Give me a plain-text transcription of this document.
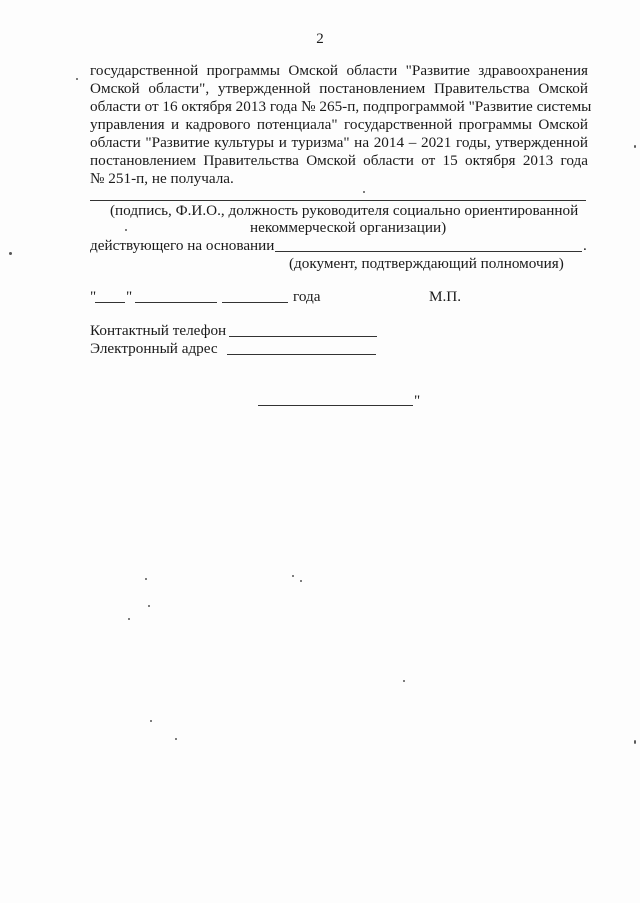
2
государственной программы Омской области "Развитие здравоохранения
Омской области", утвержденной постановлением Правительства Омской
области от 16 октября 2013 года № 265-п, подпрограммой "Развитие системы
управления и кадрового потенциала" государственной программы Омской
области "Развитие культуры и туризма" на 2014 – 2021 годы, утвержденной
постановлением Правительства Омской области от 15 октября 2013 года
№ 251-п, не получала.
(подпись, Ф.И.О., должность руководителя социально ориентированной
некоммерческой организации)
действующего на основании	.
(документ, подтверждающий полномочия)
" "	года	М.П.
Контактный телефон
Электронный адрес
"
